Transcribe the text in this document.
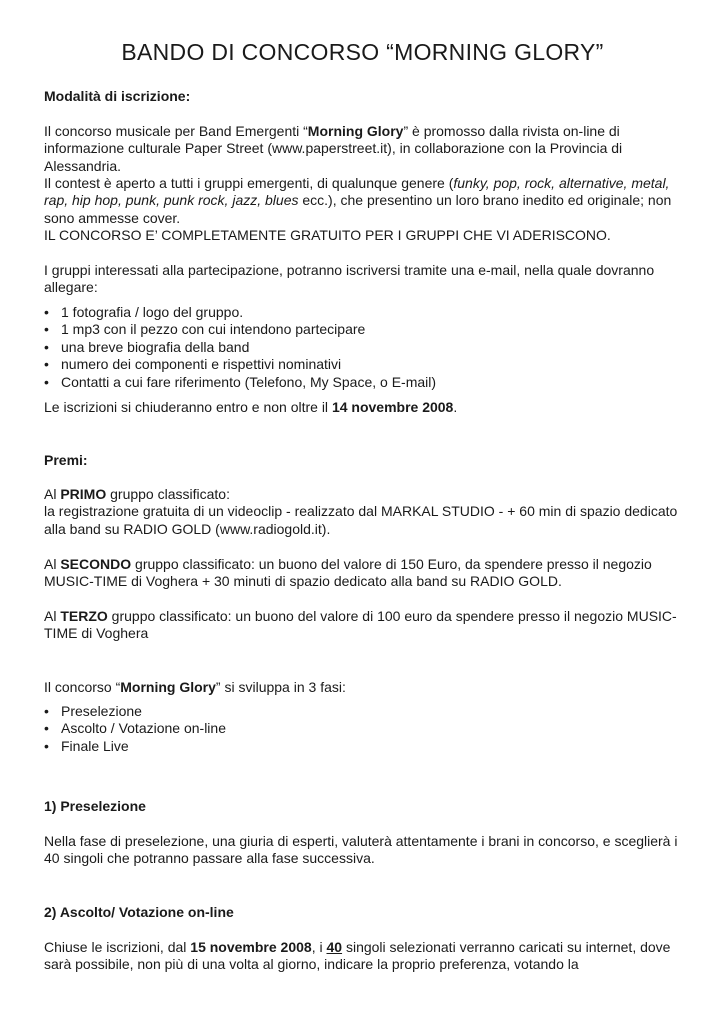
BANDO DI CONCORSO “MORNING GLORY”

Modalità di iscrizione:

Il concorso musicale per Band Emergenti “Morning Glory” è promosso dalla rivista on-line di informazione culturale Paper Street (www.paperstreet.it), in collaborazione con la Provincia di Alessandria.

Il contest è aperto a tutti i gruppi emergenti, di qualunque genere (funky, pop, rock, alternative, metal, rap, hip hop, punk, punk rock, jazz, blues ecc.), che presentino un loro brano inedito ed originale; non sono ammesse cover.

IL CONCORSO E’ COMPLETAMENTE GRATUITO PER I GRUPPI CHE VI ADERISCONO.

I gruppi interessati alla partecipazione, potranno iscriversi tramite una e-mail, nella quale dovranno allegare:

• 1 fotografia / logo del gruppo.
• 1 mp3 con il pezzo con cui intendono partecipare
• una breve biografia della band
• numero dei componenti e rispettivi nominativi
• Contatti a cui fare riferimento (Telefono, My Space, o E-mail)

Le iscrizioni si chiuderanno entro e non oltre il 14 novembre 2008.

Premi:

Al PRIMO gruppo classificato:
la registrazione gratuita di un videoclip - realizzato dal MARKAL STUDIO - + 60 min di spazio dedicato alla band su RADIO GOLD (www.radiogold.it).

Al SECONDO gruppo classificato: un buono del valore di 150 Euro, da spendere presso il negozio MUSIC-TIME di Voghera + 30 minuti di spazio dedicato alla band su RADIO GOLD.

Al TERZO gruppo classificato: un buono del valore di 100 euro da spendere presso il negozio MUSIC-TIME di Voghera

Il concorso “Morning Glory” si sviluppa in 3 fasi:

• Preselezione
• Ascolto / Votazione on-line
• Finale Live

1) Preselezione

Nella fase di preselezione, una giuria di esperti, valuterà attentamente i brani in concorso, e sceglierà i 40 singoli che potranno passare alla fase successiva.

2) Ascolto/ Votazione on-line

Chiuse le iscrizioni, dal 15 novembre 2008, i 40 singoli selezionati verranno caricati su internet, dove sarà possibile, non più di una volta al giorno, indicare la proprio preferenza, votando la
